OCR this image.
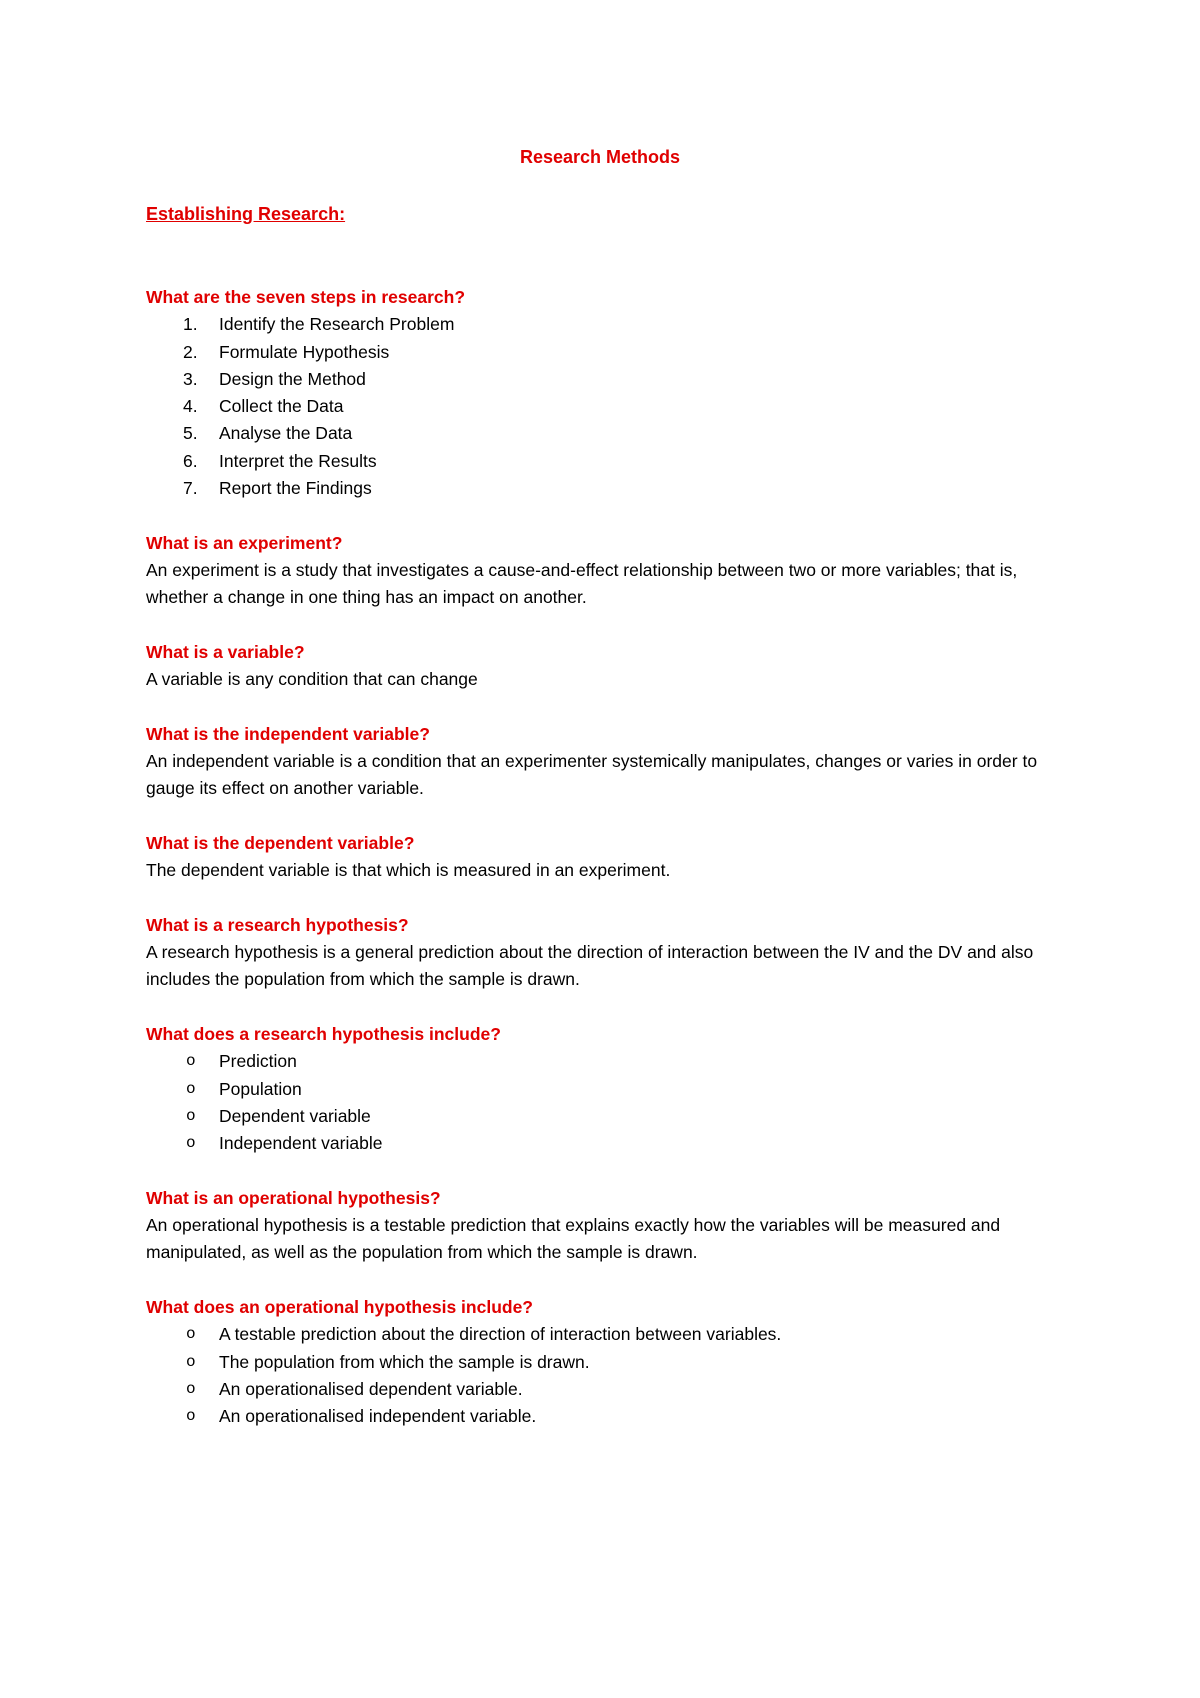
Research Methods

Establishing Research:

What are the seven steps in research?

1. Identify the Research Problem
2. Formulate Hypothesis
3. Design the Method
4. Collect the Data
5. Analyse the Data
6. Interpret the Results
7. Report the Findings

What is an experiment?

An experiment is a study that investigates a cause-and-effect relationship between two or more variables; that is, whether a change in one thing has an impact on another.

What is a variable?

A variable is any condition that can change

What is the independent variable?

An independent variable is a condition that an experimenter systemically manipulates, changes or varies in order to gauge its effect on another variable.

What is the dependent variable?

The dependent variable is that which is measured in an experiment.

What is a research hypothesis?

A research hypothesis is a general prediction about the direction of interaction between the IV and the DV and also includes the population from which the sample is drawn.

What does a research hypothesis include?

o Prediction
o Population
o Dependent variable
o Independent variable

What is an operational hypothesis?

An operational hypothesis is a testable prediction that explains exactly how the variables will be measured and manipulated, as well as the population from which the sample is drawn.

What does an operational hypothesis include?

o A testable prediction about the direction of interaction between variables.
o The population from which the sample is drawn.
o An operationalised dependent variable.
o An operationalised independent variable.
